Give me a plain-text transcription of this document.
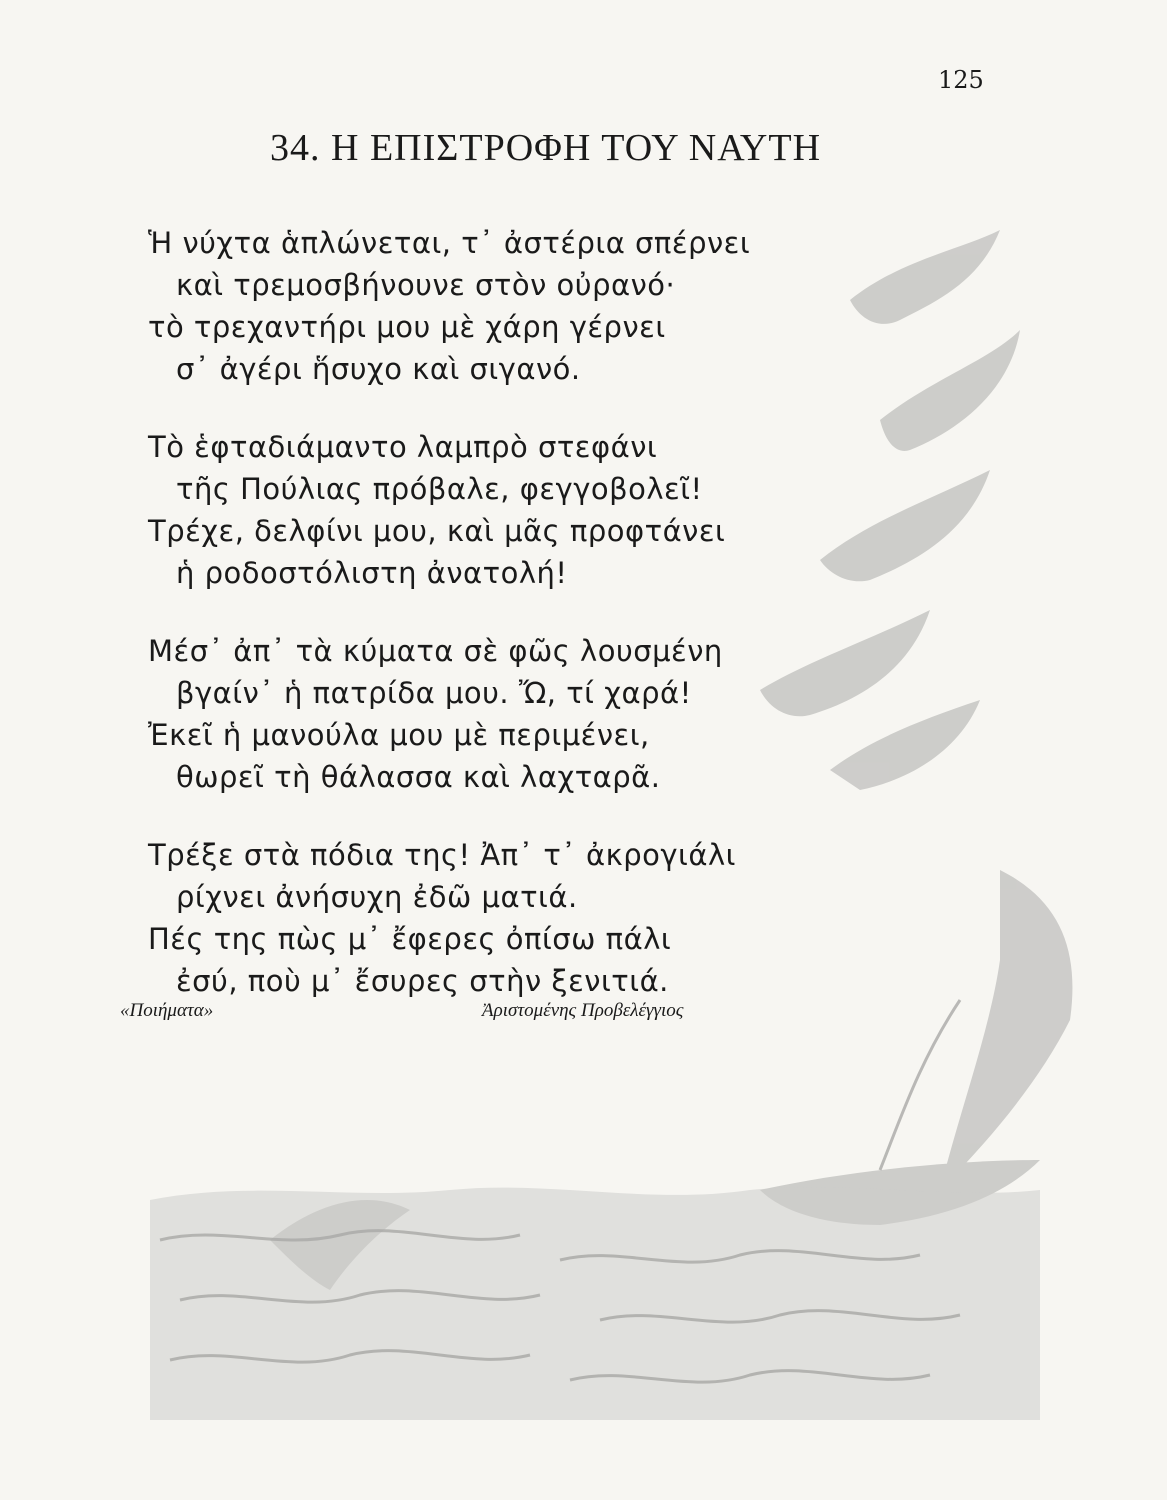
125
34. Η ΕΠΙΣΤΡΟΦΗ ΤΟΥ ΝΑΥΤΗ
Ἡ νύχτα ἁπλώνεται, τ᾽ ἀστέρια σπέρνει
καὶ τρεμοσβήνουνε στὸν οὐρανό·
τὸ τρεχαντήρι μου μὲ χάρη γέρνει
σ᾽ ἀγέρι ἥσυχο καὶ σιγανό.
Τὸ ἑφταδιάμαντο λαμπρὸ στεφάνι
τῆς Πούλιας πρόβαλε, φεγγοβολεῖ!
Τρέχε, δελφίνι μου, καὶ μᾶς προφτάνει
ἡ ροδοστόλιστη ἀνατολή!
Μέσ᾽ ἀπ᾽ τὰ κύματα σὲ φῶς λουσμένη
βγαίν᾽ ἡ πατρίδα μου. Ὤ, τί χαρά!
Ἐκεῖ ἡ μανούλα μου μὲ περιμένει,
θωρεῖ τὴ θάλασσα καὶ λαχταρᾶ.
Τρέξε στὰ πόδια της! Ἀπ᾽ τ᾽ ἀκρογιάλι
ρίχνει ἀνήσυχη ἐδῶ ματιά.
Πές της πὼς μ᾽ ἔφερες ὀπίσω πάλι
ἐσύ, ποὺ μ᾽ ἔσυρες στὴν ξενιτιά.
«Ποιήματα»	Ἀριστομένης Προβελέγγιος
